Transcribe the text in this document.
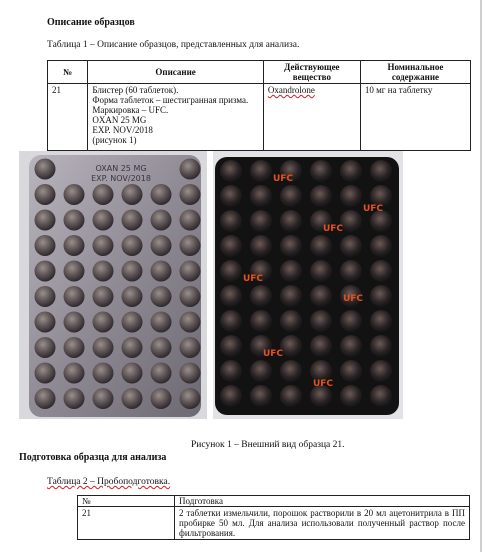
Описание образцов
Таблица 1 – Описание образцов, представленных для анализа.
№	Описание	Действующее вещество	Номинальное содержание
21	Блистер (60 таблеток).
Форма таблеток – шестигранная призма. Маркировка – UFC.
OXAN 25 MG
EXP. NOV/2018
(рисунок 1)	Oxandrolone	10 мг на таблетку
OXAN 25 MG
EXP. NOV/2018	UFC
UFC
UFC
UFC
UFC
UFC
UFC
Рисунок 1 – Внешний вид образца 21.
Подготовка образца для анализа
Таблица 2 – Пробоподготовка.
№	Подготовка
21	2 таблетки измельчили, порошок растворили в 20 мл ацетонитрила в ПП пробирке 50 мл. Для анализа использовали полученный раствор после фильтрования.
